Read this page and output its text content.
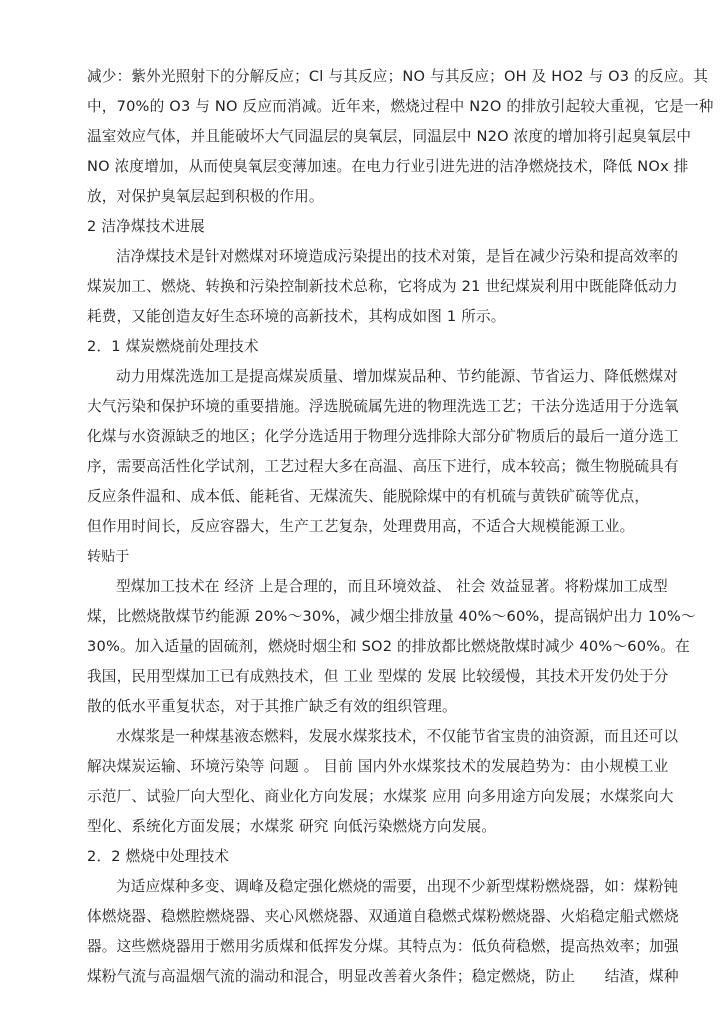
减少：紫外光照射下的分解反应；Cl 与其反应；NO 与其反应；OH 及 HO2 与 O3 的反应。其
中，70%的 O3 与 NO 反应而消减。近年来，燃烧过程中 N2O 的排放引起较大重视，它是一种
温室效应气体，并且能破坏大气同温层的臭氧层，同温层中 N2O 浓度的增加将引起臭氧层中
NO 浓度增加，从而使臭氧层变薄加速。在电力行业引进先进的洁净燃烧技术，降低 NOx 排
放，对保护臭氧层起到积极的作用。
2 洁净煤技术进展
洁净煤技术是针对燃煤对环境造成污染提出的技术对策，是旨在减少污染和提高效率的
煤炭加工、燃烧、转换和污染控制新技术总称，它将成为 21 世纪煤炭利用中既能降低动力
耗费，又能创造友好生态环境的高新技术，其构成如图 1 所示。
2．1 煤炭燃烧前处理技术
动力用煤洗选加工是提高煤炭质量、增加煤炭品种、节约能源、节省运力、降低燃煤对
大气污染和保护环境的重要措施。浮选脱硫属先进的物理洗选工艺；干法分选适用于分选氧
化煤与水资源缺乏的地区；化学分选适用于物理分选排除大部分矿物质后的最后一道分选工
序，需要高活性化学试剂，工艺过程大多在高温、高压下进行，成本较高；微生物脱硫具有
反应条件温和、成本低、能耗省、无煤流失、能脱除煤中的有机硫与黄铁矿硫等优点，
但作用时间长，反应容器大，生产工艺复杂，处理费用高，不适合大规模能源工业。
转贴于
型煤加工技术在 经济 上是合理的，而且环境效益、 社会 效益显著。将粉煤加工成型
煤，比燃烧散煤节约能源 20%～30%，减少烟尘排放量 40%～60%，提高锅炉出力 10%～
30%。加入适量的固硫剂，燃烧时烟尘和 SO2 的排放都比燃烧散煤时减少 40%～60%。在
我国，民用型煤加工已有成熟技术，但 工业 型煤的 发展 比较缓慢，其技术开发仍处于分
散的低水平重复状态，对于其推广缺乏有效的组织管理。
水煤浆是一种煤基液态燃料，发展水煤浆技术，不仅能节省宝贵的油资源，而且还可以
解决煤炭运输、环境污染等 问题 。 目前 国内外水煤浆技术的发展趋势为：由小规模工业
示范厂、试验厂向大型化、商业化方向发展；水煤浆 应用 向多用途方向发展；水煤浆向大
型化、系统化方面发展；水煤浆 研究 向低污染燃烧方向发展。
2．2 燃烧中处理技术
为适应煤种多变、调峰及稳定强化燃烧的需要，出现不少新型煤粉燃烧器，如：煤粉钝
体燃烧器、稳燃腔燃烧器、夹心风燃烧器、双通道自稳燃式煤粉燃烧器、火焰稳定船式燃烧
器。这些燃烧器用于燃用劣质煤和低挥发分煤。其特点为：低负荷稳燃，提高热效率；加强
煤粉气流与高温烟气流的湍动和混合，明显改善着火条件；稳定燃烧，防止　　结渣，煤种
